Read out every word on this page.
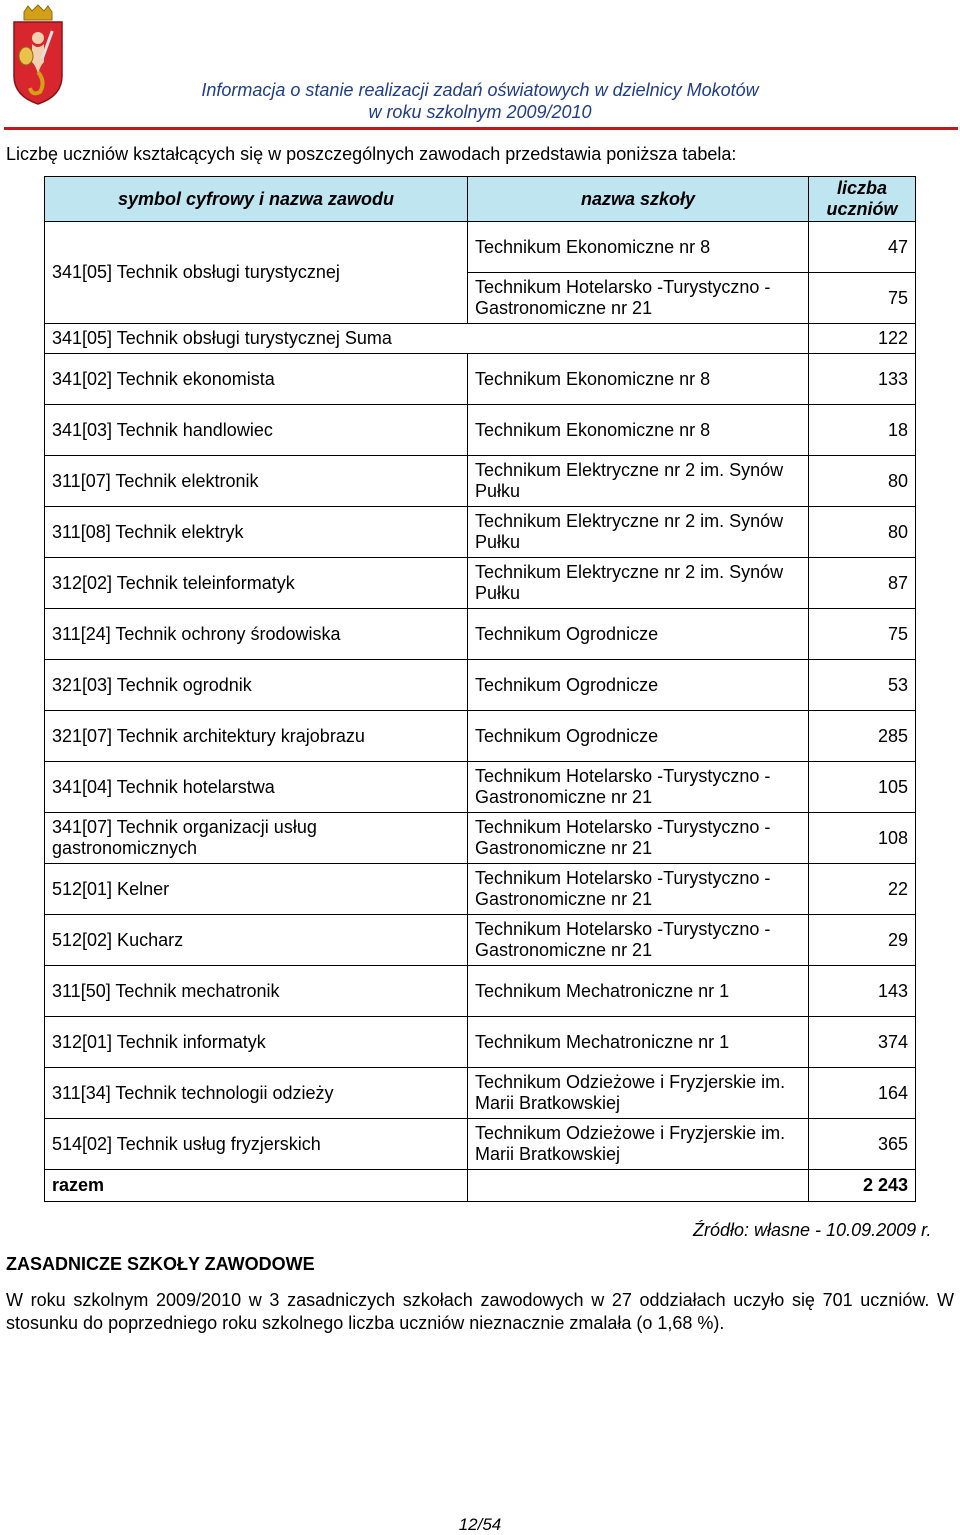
Informacja o stanie realizacji zadań oświatowych w dzielnicy Mokotów
w roku szkolnym 2009/2010
Liczbę uczniów kształcących się w poszczególnych zawodach przedstawia poniższa tabela:
symbol cyfrowy i nazwa zawodu	nazwa szkoły	liczba uczniów
341[05] Technik obsługi turystycznej	Technikum Ekonomiczne nr 8	47
	Technikum Hotelarsko -Turystyczno - Gastronomiczne nr 21	75
341[05] Technik obsługi turystycznej Suma		122
341[02] Technik ekonomista	Technikum Ekonomiczne nr 8	133
341[03] Technik handlowiec	Technikum Ekonomiczne nr 8	18
311[07] Technik elektronik	Technikum Elektryczne nr 2 im. Synów Pułku	80
311[08] Technik elektryk	Technikum Elektryczne nr 2 im. Synów Pułku	80
312[02] Technik teleinformatyk	Technikum Elektryczne nr 2 im. Synów Pułku	87
311[24] Technik ochrony środowiska	Technikum Ogrodnicze	75
321[03] Technik ogrodnik	Technikum Ogrodnicze	53
321[07] Technik architektury krajobrazu	Technikum Ogrodnicze	285
341[04] Technik hotelarstwa	Technikum Hotelarsko -Turystyczno - Gastronomiczne nr 21	105
341[07] Technik organizacji usług gastronomicznych	Technikum Hotelarsko -Turystyczno - Gastronomiczne nr 21	108
512[01] Kelner	Technikum Hotelarsko -Turystyczno - Gastronomiczne nr 21	22
512[02] Kucharz	Technikum Hotelarsko -Turystyczno - Gastronomiczne nr 21	29
311[50] Technik mechatronik	Technikum Mechatroniczne nr 1	143
312[01] Technik informatyk	Technikum Mechatroniczne nr 1	374
311[34] Technik technologii odzieży	Technikum Odzieżowe i Fryzjerskie im. Marii Bratkowskiej	164
514[02] Technik usług fryzjerskich	Technikum Odzieżowe i Fryzjerskie im. Marii Bratkowskiej	365
razem		2 243
Źródło: własne - 10.09.2009 r.
ZASADNICZE SZKOŁY ZAWODOWE
W roku szkolnym 2009/2010 w 3 zasadniczych szkołach zawodowych w 27 oddziałach uczyło się 701 uczniów. W stosunku do poprzedniego roku szkolnego liczba uczniów nieznacznie zmalała (o 1,68 %).
12/54
